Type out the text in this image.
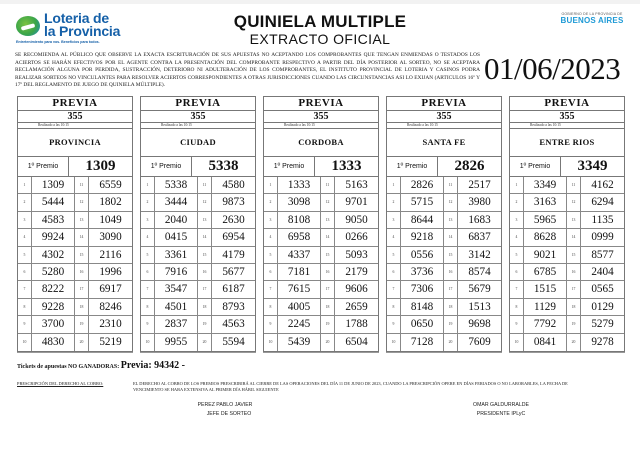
Loteria de
la Provincia
Entretenimiento para vos. Beneficios para todos.
QUINIELA MULTIPLE
EXTRACTO OFICIAL
GOBIERNO DE LA PROVINCIA DE
BUENOS AIRES
SE RECOMIENDA AL PÚBLICO QUE OBSERVE LA EXACTA ESCRITURACIÓN DE SUS APUESTAS NO ACEPTANDO LOS COMPROBANTES QUE TENGAN ENMIENDAS O TESTADOS LOS ACIERTOS SE HARÁN EFECTIVOS POR EL AGENTE CONTRA LA PRESENTACIÓN DEL COMPROBANTE RESPECTIVO A PARTIR DEL DÍA POSTERIOR AL SORTEO, NO SE ACEPTARA RECLAMACIÓN ALGUNA POR PERDIDA, SUSTRACCIÓN, DETERIORO NI ADULTERACIÓN DE LOS COMPROBANTES, EL INSTITUTO PROVINCIAL DE LOTERIA Y CASINOS PODRA REALIZAR SORTEOS NO VINCULANTES PARA RESOLVER ACIERTOS CORRESPONDIENTES A OTRAS JURISDICCIONES CUANDO LAS CIRCUNSTANCIAS ASI LO EXIJAN (ARTICULOS 16º Y 17º DEL REGLAMENTO DE JUEGO DE QUINIELA MÚLTIPLE).	01/06/2023
PREVIA
355
Realizado a las 10:15
PROVINCIA
1º Premio	1309
1	1309	11	6559
2	5444	12	1802
3	4583	13	1049
4	9924	14	3090
5	4302	15	2116
6	5280	16	1996
7	8222	17	6917
8	9228	18	8246
9	3700	19	2310
10	4830	20	5219
PREVIA
355
Realizado a las 10:15
CIUDAD
1º Premio	5338
1	5338	11	4580
2	3444	12	9873
3	2040	13	2630
4	0415	14	6954
5	3361	15	4179
6	7916	16	5677
7	3547	17	6187
8	4501	18	8793
9	2837	19	4563
10	9955	20	5594
PREVIA
355
Realizado a las 10:15
CORDOBA
1º Premio	1333
1	1333	11	5163
2	3098	12	9701
3	8108	13	9050
4	6958	14	0266
5	4337	15	5093
6	7181	16	2179
7	7615	17	9606
8	4005	18	2659
9	2245	19	1788
10	5439	20	6504
PREVIA
355
Realizado a las 10:15
SANTA FE
1º Premio	2826
1	2826	11	2517
2	5715	12	3980
3	8644	13	1683
4	9218	14	6837
5	0556	15	3142
6	3736	16	8574
7	7306	17	5679
8	8148	18	1513
9	0650	19	9698
10	7128	20	7609
PREVIA
355
Realizado a las 10:15
ENTRE RIOS
1º Premio	3349
1	3349	11	4162
2	3163	12	6294
3	5965	13	1135
4	8628	14	0999
5	9021	15	8577
6	6785	16	2404
7	1515	17	0565
8	1129	18	0129
9	7792	19	5279
10	0841	20	9278
Tickets de apuestas NO GANADORAS: Previa: 94342 -
PRESCRIPCIÓN DEL DERECHO AL COBRO:	EL DERECHO AL COBRO DE LOS PREMIOS PRESCRIBIRÁ AL CIERRE DE LAS OPERACIONES DEL DÍA 11 DE JUNIO DE 2023, CUANDO LA PRESCRIPCIÓN OPERE EN DÍAS FERIADOS O NO LABORABLES, LA FECHA DE VENCIMIENTO SE HARA EXTENSIVA AL PRIMER DÍA HÁBIL SIGUIENTE
PEREZ PABLO JAVIER
JEFE DE SORTEO
OMAR GALDURRALDE
PRESIDENTE IPLyC
